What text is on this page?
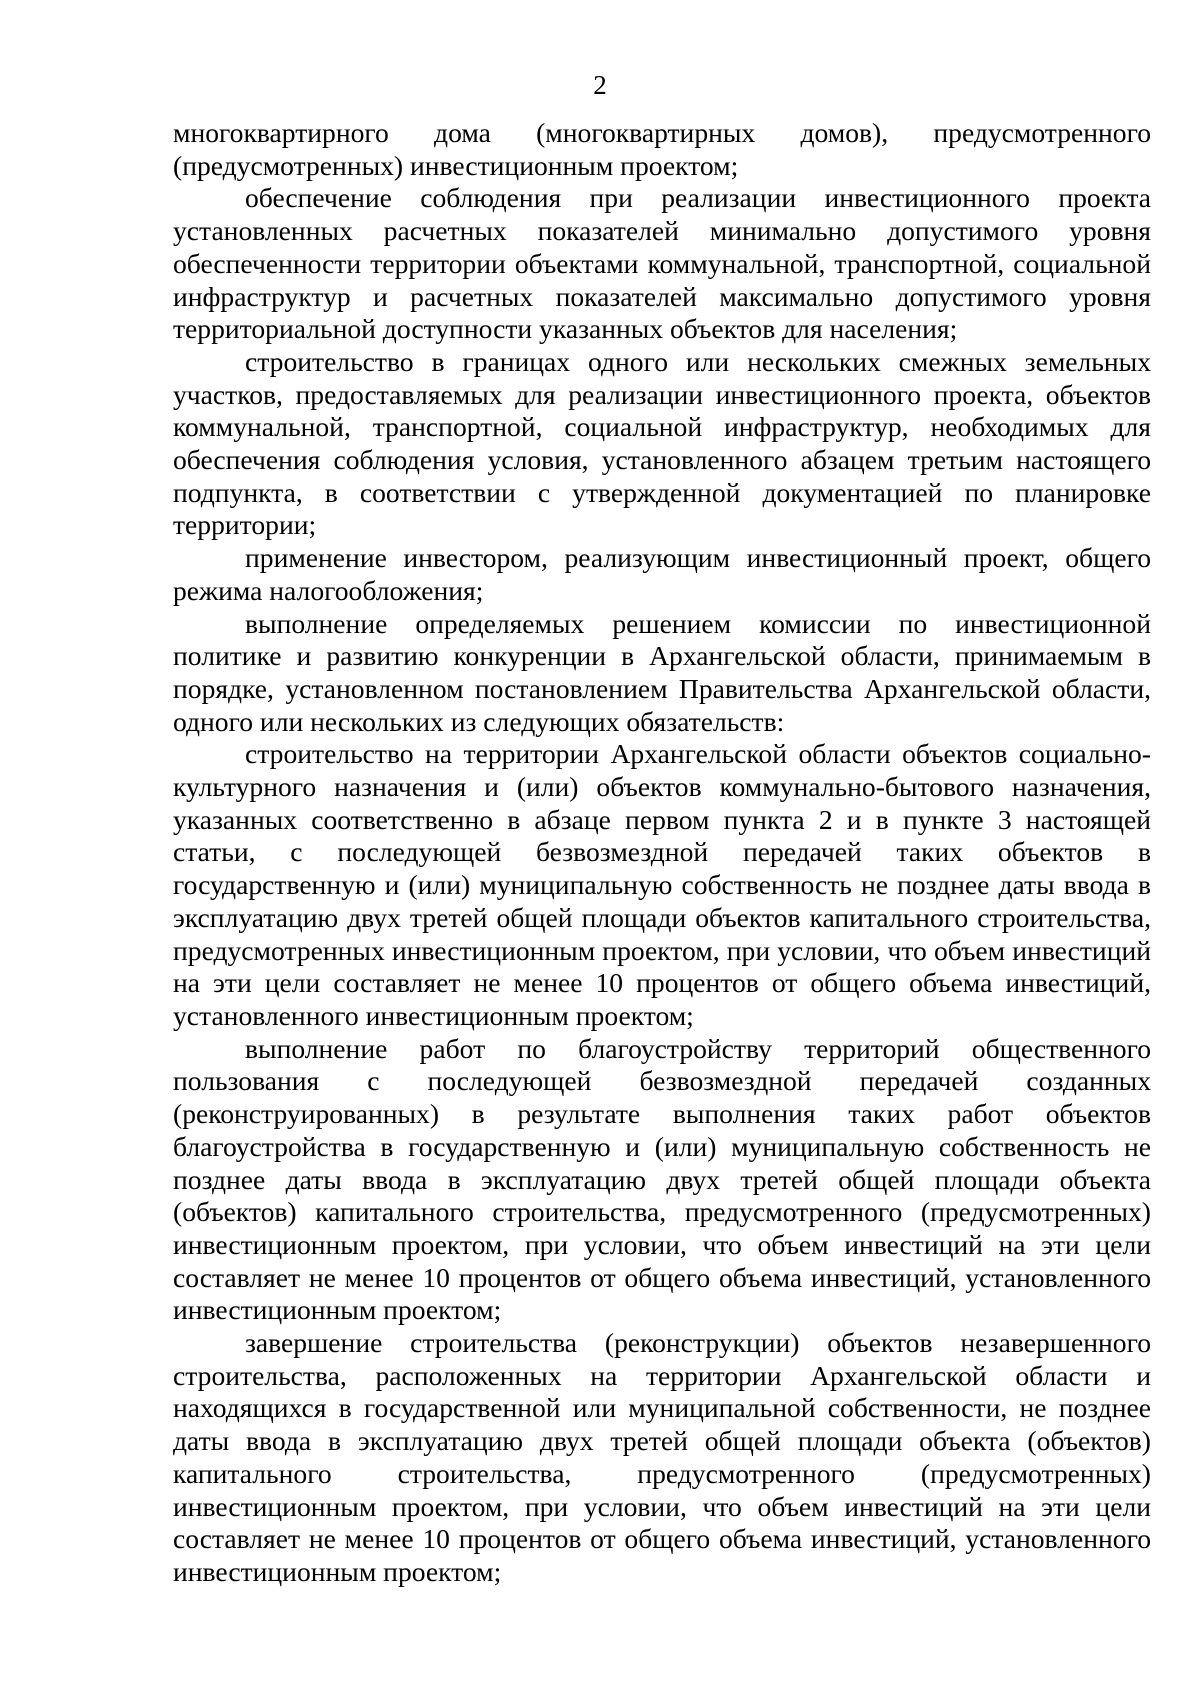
2

многоквартирного дома (многоквартирных домов), предусмотренного (предусмотренных) инвестиционным проектом;

обеспечение соблюдения при реализации инвестиционного проекта установленных расчетных показателей минимально допустимого уровня обеспеченности территории объектами коммунальной, транспортной, социальной инфраструктур и расчетных показателей максимально допустимого уровня территориальной доступности указанных объектов для населения;

строительство в границах одного или нескольких смежных земельных участков, предоставляемых для реализации инвестиционного проекта, объектов коммунальной, транспортной, социальной инфраструктур, необходимых для обеспечения соблюдения условия, установленного абзацем третьим настоящего подпункта, в соответствии с утвержденной документацией по планировке территории;

применение инвестором, реализующим инвестиционный проект, общего режима налогообложения;

выполнение определяемых решением комиссии по инвестиционной политике и развитию конкуренции в Архангельской области, принимаемым в порядке, установленном постановлением Правительства Архангельской области, одного или нескольких из следующих обязательств:

строительство на территории Архангельской области объектов социально-культурного назначения и (или) объектов коммунально-бытового назначения, указанных соответственно в абзаце первом пункта 2 и в пункте 3 настоящей статьи, с последующей безвозмездной передачей таких объектов в государственную и (или) муниципальную собственность не позднее даты ввода в эксплуатацию двух третей общей площади объектов капитального строительства, предусмотренных инвестиционным проектом, при условии, что объем инвестиций на эти цели составляет не менее 10 процентов от общего объема инвестиций, установленного инвестиционным проектом;

выполнение работ по благоустройству территорий общественного пользования с последующей безвозмездной передачей созданных (реконструированных) в результате выполнения таких работ объектов благоустройства в государственную и (или) муниципальную собственность не позднее даты ввода в эксплуатацию двух третей общей площади объекта (объектов) капитального строительства, предусмотренного (предусмотренных) инвестиционным проектом, при условии, что объем инвестиций на эти цели составляет не менее 10 процентов от общего объема инвестиций, установленного инвестиционным проектом;

завершение строительства (реконструкции) объектов незавершенного строительства, расположенных на территории Архангельской области и находящихся в государственной или муниципальной собственности, не позднее даты ввода в эксплуатацию двух третей общей площади объекта (объектов) капитального строительства, предусмотренного (предусмотренных) инвестиционным проектом, при условии, что объем инвестиций на эти цели составляет не менее 10 процентов от общего объема инвестиций, установленного инвестиционным проектом;
